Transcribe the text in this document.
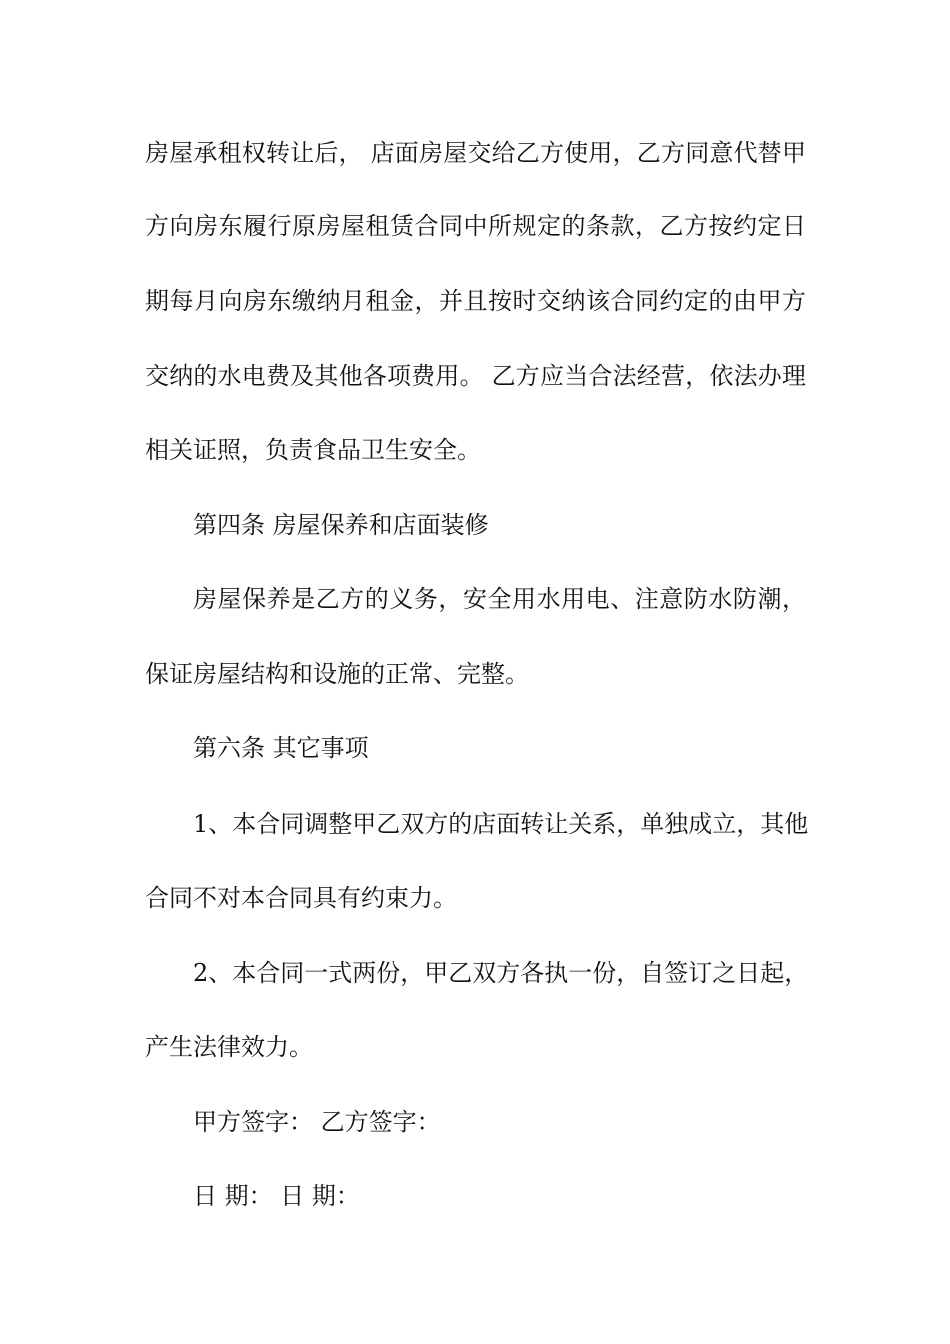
房屋承租权转让后， 店面房屋交给乙方使用，乙方同意代替甲
方向房东履行原房屋租赁合同中所规定的条款，乙方按约定日
期每月向房东缴纳月租金，并且按时交纳该合同约定的由甲方
交纳的水电费及其他各项费用。 乙方应当合法经营，依法办理
相关证照，负责食品卫生安全。
第四条 房屋保养和店面装修
房屋保养是乙方的义务，安全用水用电、注意防水防潮，
保证房屋结构和设施的正常、完整。
第六条 其它事项
1、本合同调整甲乙双方的店面转让关系，单独成立，其他
合同不对本合同具有约束力。
2、本合同一式两份，甲乙双方各执一份，自签订之日起，
产生法律效力。
甲方签字： 乙方签字：
日 期： 日 期：
